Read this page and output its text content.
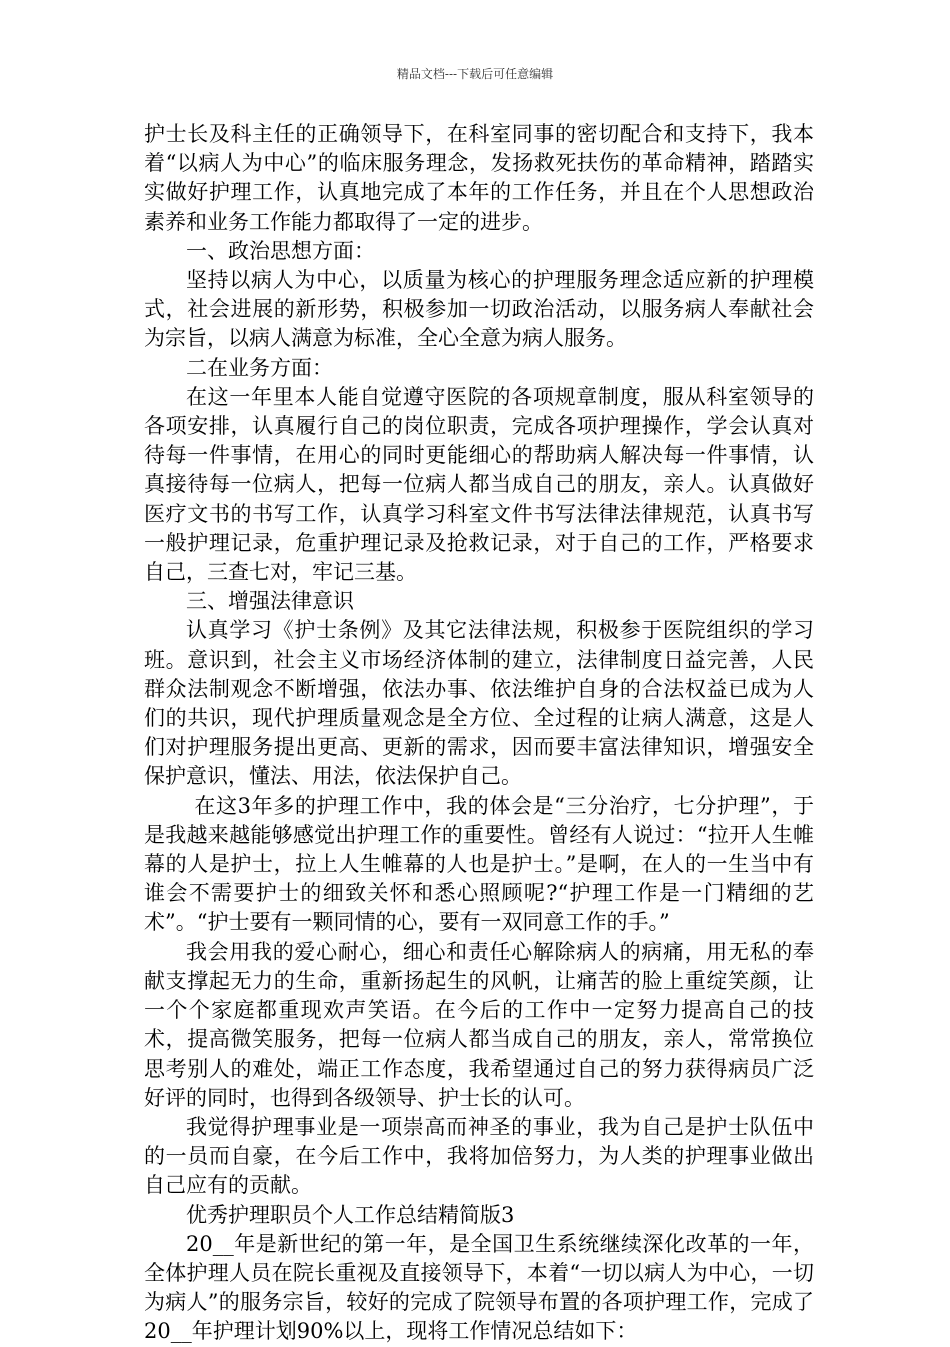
精品文档---下载后可任意编辑

护士长及科主任的正确领导下，在科室同事的密切配合和支持下，我本着“以病人为中心”的临床服务理念，发扬救死扶伤的革命精神，踏踏实实做好护理工作，认真地完成了本年的工作任务，并且在个人思想政治素养和业务工作能力都取得了一定的进步。

一、政治思想方面：

坚持以病人为中心，以质量为核心的护理服务理念适应新的护理模式，社会进展的新形势，积极参加一切政治活动，以服务病人奉献社会为宗旨，以病人满意为标准，全心全意为病人服务。

二在业务方面：

在这一年里本人能自觉遵守医院的各项规章制度，服从科室领导的各项安排，认真履行自己的岗位职责，完成各项护理操作，学会认真对待每一件事情，在用心的同时更能细心的帮助病人解决每一件事情，认真接待每一位病人，把每一位病人都当成自己的朋友，亲人。认真做好医疗文书的书写工作，认真学习科室文件书写法律法律规范，认真书写一般护理记录，危重护理记录及抢救记录，对于自己的工作，严格要求自己，三查七对，牢记三基。

三、增强法律意识

认真学习《护士条例》及其它法律法规，积极参于医院组织的学习班。意识到，社会主义市场经济体制的建立，法律制度日益完善，人民群众法制观念不断增强，依法办事、依法维护自身的合法权益已成为人们的共识，现代护理质量观念是全方位、全过程的让病人满意，这是人们对护理服务提出更高、更新的需求，因而要丰富法律知识，增强安全保护意识，懂法、用法，依法保护自己。

在这3年多的护理工作中，我的体会是“三分治疗，七分护理”，于是我越来越能够感觉出护理工作的重要性。曾经有人说过：“拉开人生帷幕的人是护士，拉上人生帷幕的人也是护士。”是啊，在人的一生当中有谁会不需要护士的细致关怀和悉心照顾呢?“护理工作是一门精细的艺术”。“护士要有一颗同情的心，要有一双同意工作的手。”

我会用我的爱心耐心，细心和责任心解除病人的病痛，用无私的奉献支撑起无力的生命，重新扬起生的风帆，让痛苦的脸上重绽笑颜，让一个个家庭都重现欢声笑语。在今后的工作中一定努力提高自己的技术，提高微笑服务，把每一位病人都当成自己的朋友，亲人，常常换位思考别人的难处，端正工作态度，我希望通过自己的努力获得病员广泛好评的同时，也得到各级领导、护士长的认可。

我觉得护理事业是一项崇高而神圣的事业，我为自己是护士队伍中的一员而自豪，在今后工作中，我将加倍努力，为人类的护理事业做出自己应有的贡献。

优秀护理职员个人工作总结精简版3

20__年是新世纪的第一年，是全国卫生系统继续深化改革的一年，全体护理人员在院长重视及直接领导下，本着“一切以病人为中心，一切为病人”的服务宗旨，较好的完成了院领导布置的各项护理工作，完成了20__年护理计划90%以上，现将工作情况总结如下：
